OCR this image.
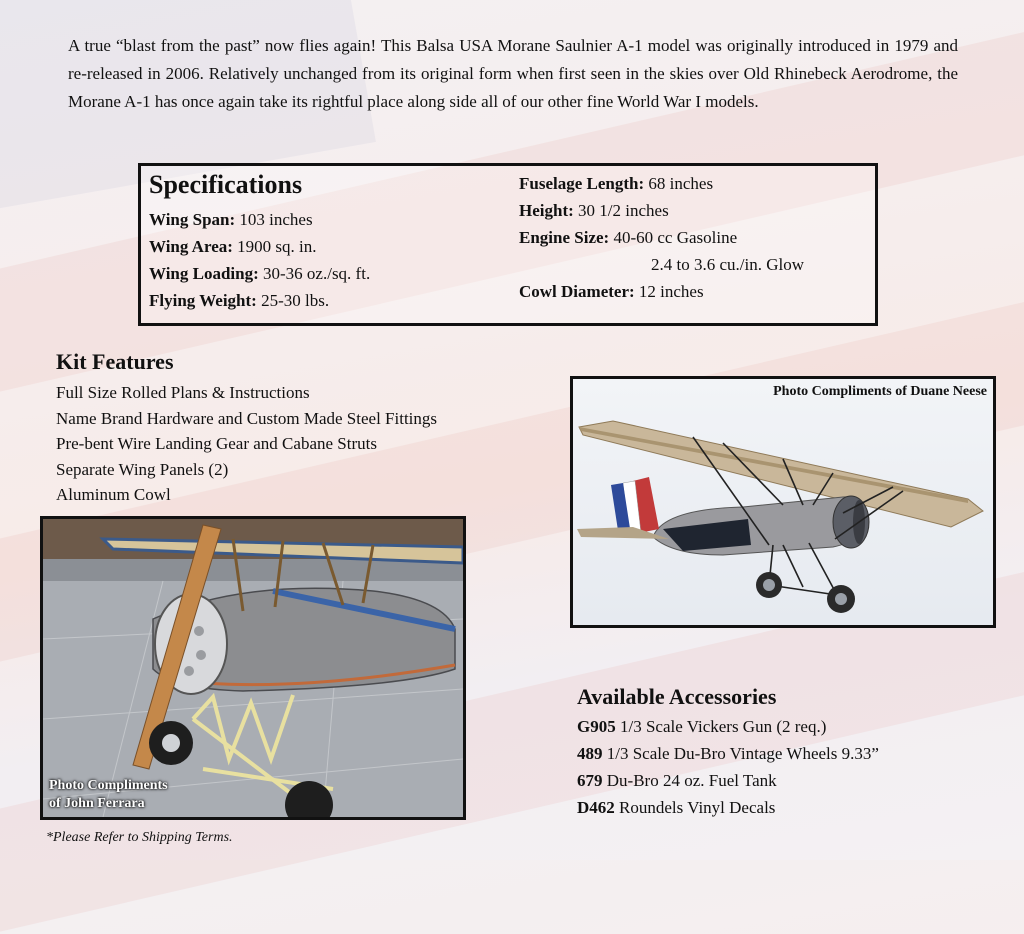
A true “blast from the past” now flies again! This Balsa USA Morane Saulnier A-1 model was originally introduced in 1979 and re-released in 2006. Relatively unchanged from its original form when first seen in the skies over Old Rhinebeck Aerodrome, the Morane A-1 has once again take its rightful place along side all of our other fine World War I models.

Specifications
Wing Span: 103 inches
Wing Area: 1900 sq. in.
Wing Loading: 30-36 oz./sq. ft.
Flying Weight: 25-30 lbs.
Fuselage Length: 68 inches
Height: 30 1/2 inches
Engine Size: 40-60 cc Gasoline
2.4 to 3.6 cu./in. Glow
Cowl Diameter: 12 inches
Kit Features
Full Size Rolled Plans & Instructions
Name Brand Hardware and Custom Made Steel Fittings
Pre-bent Wire Landing Gear and Cabane Struts
Separate Wing Panels (2)
Aluminum Cowl
Photo Compliments of Duane Neese
Photo Compliments
of John Ferrara
Available Accessories
G905 1/3 Scale Vickers Gun (2 req.)
489 1/3 Scale Du-Bro Vintage Wheels 9.33”
679 Du-Bro 24 oz. Fuel Tank
D462 Roundels Vinyl Decals

*Please Refer to Shipping Terms.
